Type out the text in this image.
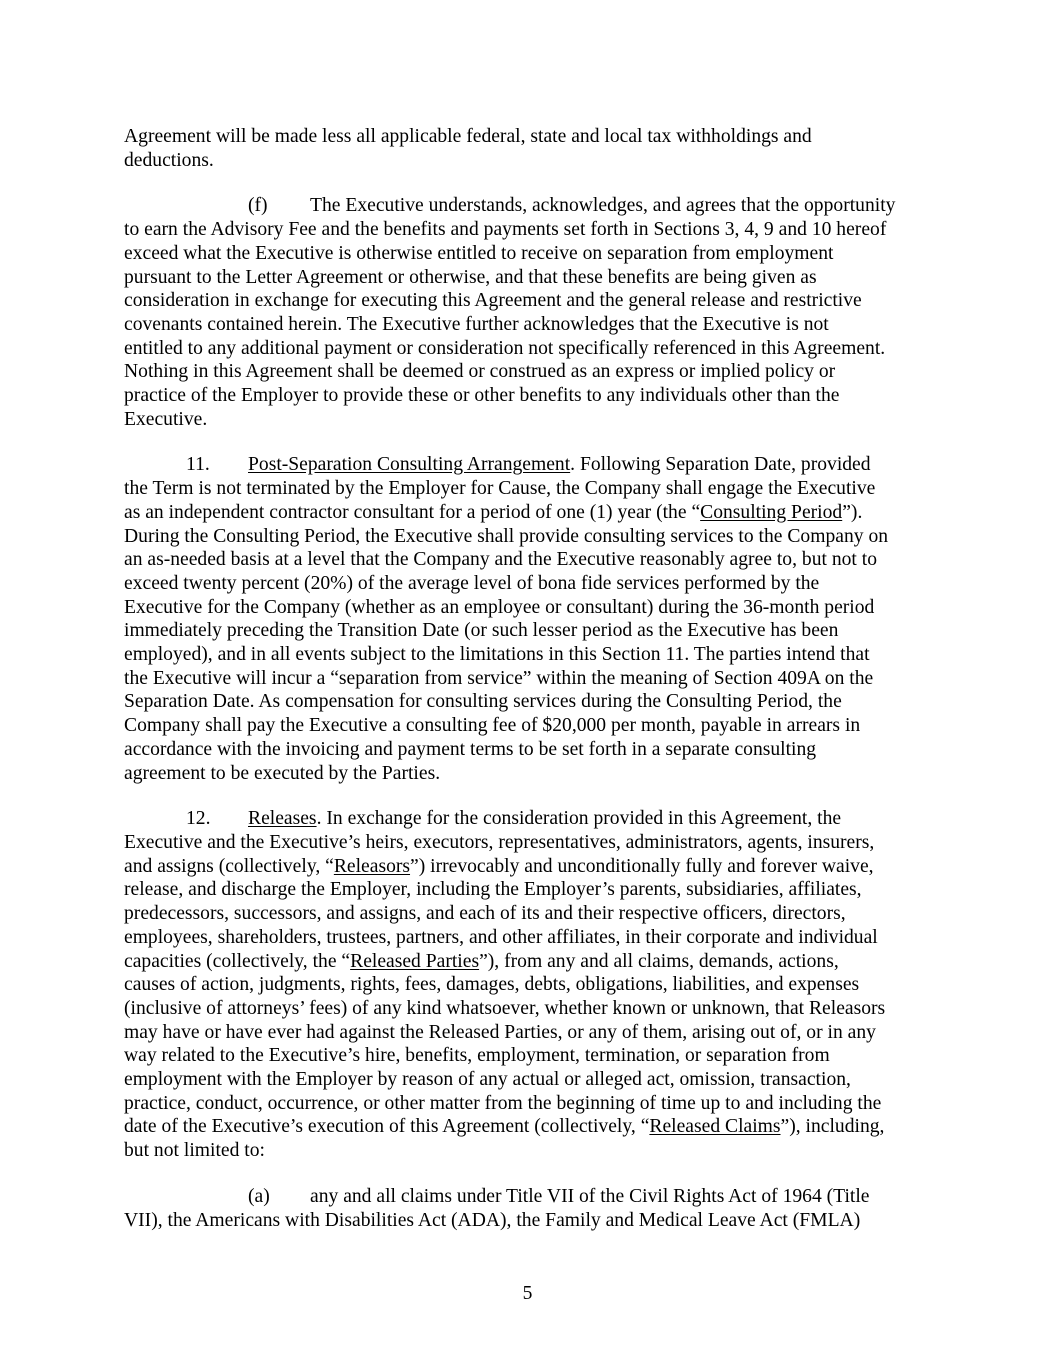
Agreement will be made less all applicable federal, state and local tax withholdings and
deductions.

(f) The Executive understands, acknowledges, and agrees that the opportunity
to earn the Advisory Fee and the benefits and payments set forth in Sections 3, 4, 9 and 10 hereof
exceed what the Executive is otherwise entitled to receive on separation from employment
pursuant to the Letter Agreement or otherwise, and that these benefits are being given as
consideration in exchange for executing this Agreement and the general release and restrictive
covenants contained herein. The Executive further acknowledges that the Executive is not
entitled to any additional payment or consideration not specifically referenced in this Agreement.
Nothing in this Agreement shall be deemed or construed as an express or implied policy or
practice of the Employer to provide these or other benefits to any individuals other than the
Executive.

11. Post-Separation Consulting Arrangement. Following Separation Date, provided
the Term is not terminated by the Employer for Cause, the Company shall engage the Executive
as an independent contractor consultant for a period of one (1) year (the “Consulting Period”).
During the Consulting Period, the Executive shall provide consulting services to the Company on
an as-needed basis at a level that the Company and the Executive reasonably agree to, but not to
exceed twenty percent (20%) of the average level of bona fide services performed by the
Executive for the Company (whether as an employee or consultant) during the 36-month period
immediately preceding the Transition Date (or such lesser period as the Executive has been
employed), and in all events subject to the limitations in this Section 11. The parties intend that
the Executive will incur a “separation from service” within the meaning of Section 409A on the
Separation Date. As compensation for consulting services during the Consulting Period, the
Company shall pay the Executive a consulting fee of $20,000 per month, payable in arrears in
accordance with the invoicing and payment terms to be set forth in a separate consulting
agreement to be executed by the Parties.

12. Releases. In exchange for the consideration provided in this Agreement, the
Executive and the Executive’s heirs, executors, representatives, administrators, agents, insurers,
and assigns (collectively, “Releasors”) irrevocably and unconditionally fully and forever waive,
release, and discharge the Employer, including the Employer’s parents, subsidiaries, affiliates,
predecessors, successors, and assigns, and each of its and their respective officers, directors,
employees, shareholders, trustees, partners, and other affiliates, in their corporate and individual
capacities (collectively, the “Released Parties”), from any and all claims, demands, actions,
causes of action, judgments, rights, fees, damages, debts, obligations, liabilities, and expenses
(inclusive of attorneys’ fees) of any kind whatsoever, whether known or unknown, that Releasors
may have or have ever had against the Released Parties, or any of them, arising out of, or in any
way related to the Executive’s hire, benefits, employment, termination, or separation from
employment with the Employer by reason of any actual or alleged act, omission, transaction,
practice, conduct, occurrence, or other matter from the beginning of time up to and including the
date of the Executive’s execution of this Agreement (collectively, “Released Claims”), including,
but not limited to:

(a) any and all claims under Title VII of the Civil Rights Act of 1964 (Title
VII), the Americans with Disabilities Act (ADA), the Family and Medical Leave Act (FMLA)

5
